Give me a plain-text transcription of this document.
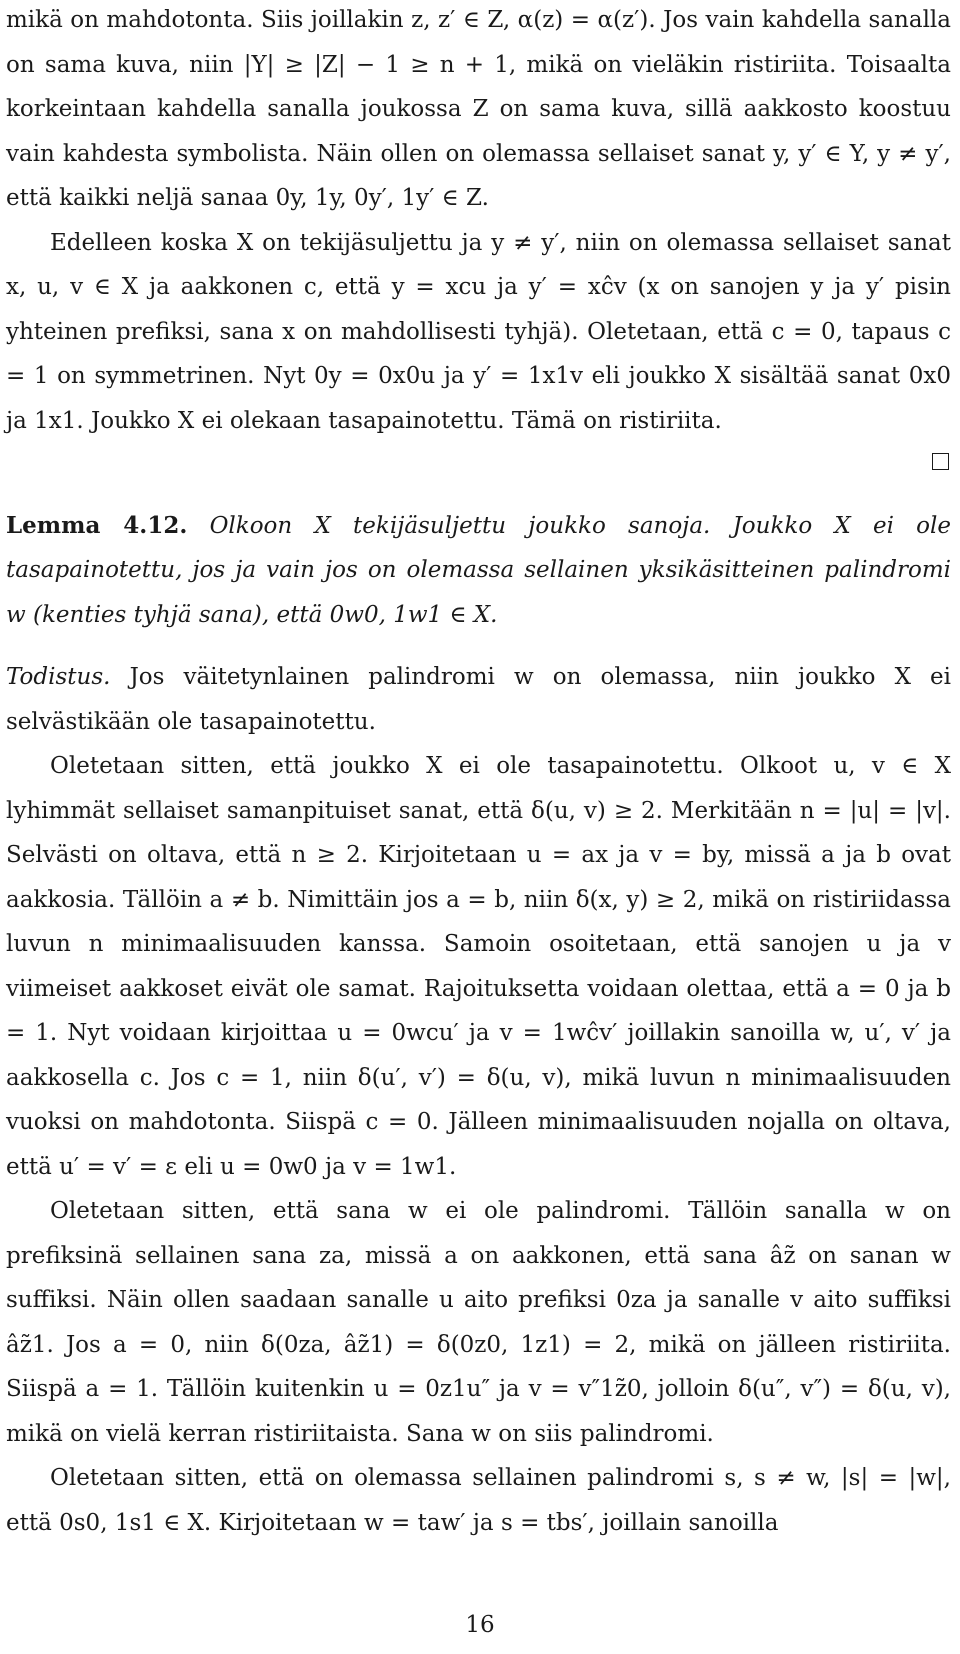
mikä on mahdotonta. Siis joillakin z, z′ ∈ Z, α(z) = α(z′). Jos vain kahdella sanalla on sama kuva, niin |Y| ≥ |Z| − 1 ≥ n + 1, mikä on vieläkin ristiriita. Toisaalta korkeintaan kahdella sanalla joukossa Z on sama kuva, sillä aakkosto koostuu vain kahdesta symbolista. Näin ollen on olemassa sellaiset sanat y, y′ ∈ Y, y ≠ y′, että kaikki neljä sanaa 0y, 1y, 0y′, 1y′ ∈ Z.

Edelleen koska X on tekijäsuljettu ja y ≠ y′, niin on olemassa sellaiset sanat x, u, v ∈ X ja aakkonen c, että y = xcu ja y′ = xĉv (x on sanojen y ja y′ pisin yhteinen prefiksi, sana x on mahdollisesti tyhjä). Oletetaan, että c = 0, tapaus c = 1 on symmetrinen. Nyt 0y = 0x0u ja y′ = 1x1v eli joukko X sisältää sanat 0x0 ja 1x1. Joukko X ei olekaan tasapainotettu. Tämä on ristiriita.

Lemma 4.12. Olkoon X tekijäsuljettu joukko sanoja. Joukko X ei ole tasapainotettu, jos ja vain jos on olemassa sellainen yksikäsitteinen palindromi w (kenties tyhjä sana), että 0w0, 1w1 ∈ X.

Todistus. Jos väitetynlainen palindromi w on olemassa, niin joukko X ei selvästikään ole tasapainotettu.

Oletetaan sitten, että joukko X ei ole tasapainotettu. Olkoot u, v ∈ X lyhimmät sellaiset samanpituiset sanat, että δ(u, v) ≥ 2. Merkitään n = |u| = |v|. Selvästi on oltava, että n ≥ 2. Kirjoitetaan u = ax ja v = by, missä a ja b ovat aakkosia. Tällöin a ≠ b. Nimittäin jos a = b, niin δ(x, y) ≥ 2, mikä on ristiriidassa luvun n minimaalisuuden kanssa. Samoin osoitetaan, että sanojen u ja v viimeiset aakkoset eivät ole samat. Rajoituksetta voidaan olettaa, että a = 0 ja b = 1. Nyt voidaan kirjoittaa u = 0wcu′ ja v = 1wĉv′ joillakin sanoilla w, u′, v′ ja aakkosella c. Jos c = 1, niin δ(u′, v′) = δ(u, v), mikä luvun n minimaalisuuden vuoksi on mahdotonta. Siispä c = 0. Jälleen minimaalisuuden nojalla on oltava, että u′ = v′ = ε eli u = 0w0 ja v = 1w1.

Oletetaan sitten, että sana w ei ole palindromi. Tällöin sanalla w on prefiksinä sellainen sana za, missä a on aakkonen, että sana âz̃ on sanan w suffiksi. Näin ollen saadaan sanalle u aito prefiksi 0za ja sanalle v aito suffiksi âz̃1. Jos a = 0, niin δ(0za, âz̃1) = δ(0z0, 1z1) = 2, mikä on jälleen ristiriita. Siispä a = 1. Tällöin kuitenkin u = 0z1u″ ja v = v″1z̃0, jolloin δ(u″, v″) = δ(u, v), mikä on vielä kerran ristiriitaista. Sana w on siis palindromi.

Oletetaan sitten, että on olemassa sellainen palindromi s, s ≠ w, |s| = |w|, että 0s0, 1s1 ∈ X. Kirjoitetaan w = taw′ ja s = tbs′, joillain sanoilla

16
